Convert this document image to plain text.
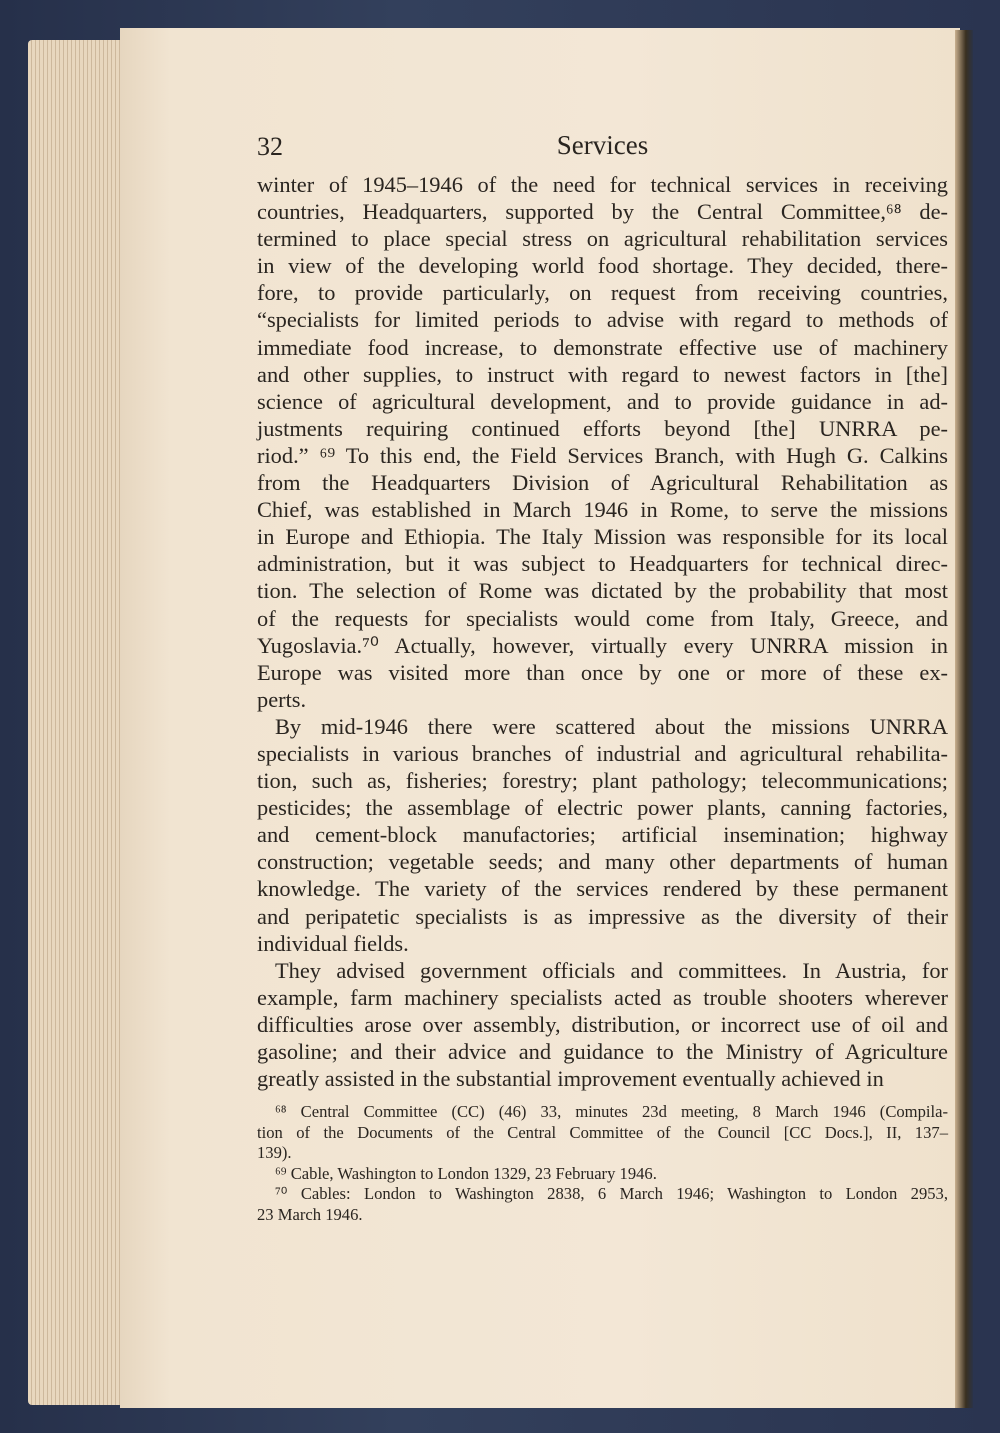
32	Services
winter of 1945–1946 of the need for technical services in receiving
countries, Headquarters, supported by the Central Committee,⁶⁸ de-
termined to place special stress on agricultural rehabilitation services
in view of the developing world food shortage. They decided, there-
fore, to provide particularly, on request from receiving countries,
“specialists for limited periods to advise with regard to methods of
immediate food increase, to demonstrate effective use of machinery
and other supplies, to instruct with regard to newest factors in [the]
science of agricultural development, and to provide guidance in ad-
justments requiring continued efforts beyond [the] UNRRA pe-
riod.” ⁶⁹ To this end, the Field Services Branch, with Hugh G. Calkins
from the Headquarters Division of Agricultural Rehabilitation as
Chief, was established in March 1946 in Rome, to serve the missions
in Europe and Ethiopia. The Italy Mission was responsible for its local
administration, but it was subject to Headquarters for technical direc-
tion. The selection of Rome was dictated by the probability that most
of the requests for specialists would come from Italy, Greece, and
Yugoslavia.⁷⁰ Actually, however, virtually every UNRRA mission in
Europe was visited more than once by one or more of these ex-
perts.
By mid-1946 there were scattered about the missions UNRRA
specialists in various branches of industrial and agricultural rehabilita-
tion, such as, fisheries; forestry; plant pathology; telecommunications;
pesticides; the assemblage of electric power plants, canning factories,
and cement-block manufactories; artificial insemination; highway
construction; vegetable seeds; and many other departments of human
knowledge. The variety of the services rendered by these permanent
and peripatetic specialists is as impressive as the diversity of their
individual fields.
They advised government officials and committees. In Austria, for
example, farm machinery specialists acted as trouble shooters wherever
difficulties arose over assembly, distribution, or incorrect use of oil and
gasoline; and their advice and guidance to the Ministry of Agriculture
greatly assisted in the substantial improvement eventually achieved in
⁶⁸ Central Committee (CC) (46) 33, minutes 23d meeting, 8 March 1946 (Compila-
tion of the Documents of the Central Committee of the Council [CC Docs.], II, 137–
139).
⁶⁹ Cable, Washington to London 1329, 23 February 1946.
⁷⁰ Cables: London to Washington 2838, 6 March 1946; Washington to London 2953,
23 March 1946.
